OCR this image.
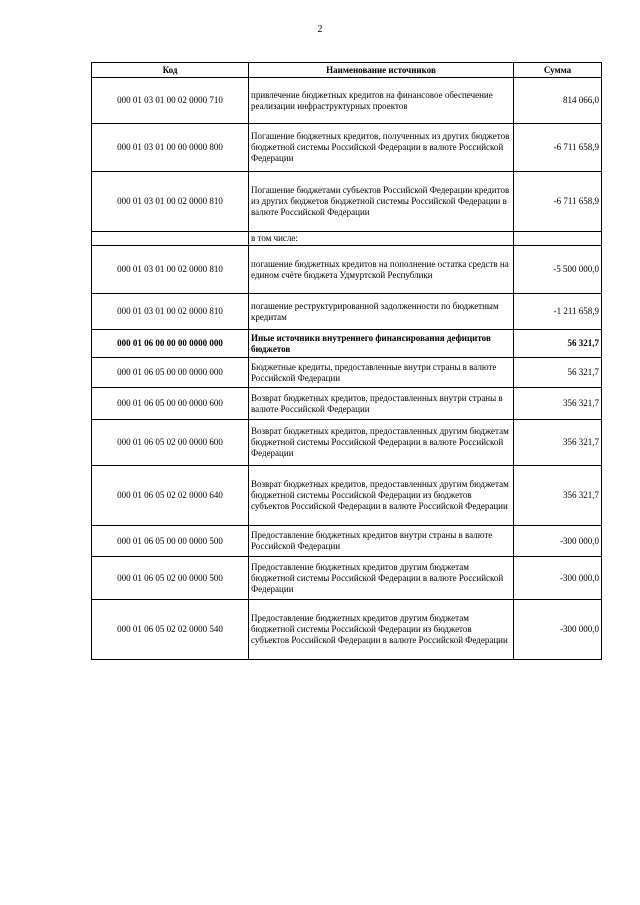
2
Код	Наименование источников	Сумма
000 01 03 01 00 02 0000 710	привлечение бюджетных кредитов на финансовое обеспечение реализации инфраструктурных проектов	814 066,0
000 01 03 01 00 00 0000 800	Погашение бюджетных кредитов, полученных из других бюджетов бюджетной системы Российской Федерации в валюте Российской Федерации	-6 711 658,9
000 01 03 01 00 02 0000 810	Погашение бюджетами субъектов Российской Федерации кредитов из других бюджетов бюджетной системы Российской Федерации в валюте Российской Федерации	-6 711 658,9
	в том числе:	
000 01 03 01 00 02 0000 810	погашение бюджетных кредитов на пополнение остатка средств на едином счёте бюджета Удмуртской Республики	-5 500 000,0
000 01 03 01 00 02 0000 810	погашение реструктурированной задолженности по бюджетным кредитам	-1 211 658,9
000 01 06 00 00 00 0000 000	Иные источники внутреннего финансирования дефицитов бюджетов	56 321,7
000 01 06 05 00 00 0000 000	Бюджетные кредиты, предоставленные внутри страны в валюте Российской Федерации	56 321,7
000 01 06 05 00 00 0000 600	Возврат бюджетных кредитов, предоставленных внутри страны в валюте Российской Федерации	356 321,7
000 01 06 05 02 00 0000 600	Возврат бюджетных кредитов, предоставленных другим бюджетам бюджетной системы Российской Федерации в валюте Российской Федерации	356 321,7
000 01 06 05 02 02 0000 640	Возврат бюджетных кредитов, предоставленных другим бюджетам бюджетной системы Российской Федерации из бюджетов субъектов Российской Федерации в валюте Российской Федерации	356 321,7
000 01 06 05 00 00 0000 500	Предоставление бюджетных кредитов внутри страны в валюте Российской Федерации	-300 000,0
000 01 06 05 02 00 0000 500	Предоставление бюджетных кредитов другим бюджетам бюджетной системы Российской Федерации в валюте Российской Федерации	-300 000,0
000 01 06 05 02 02 0000 540	Предоставление бюджетных кредитов другим бюджетам бюджетной системы Российской Федерации из бюджетов субъектов Российской Федерации в валюте Российской Федерации	-300 000,0
